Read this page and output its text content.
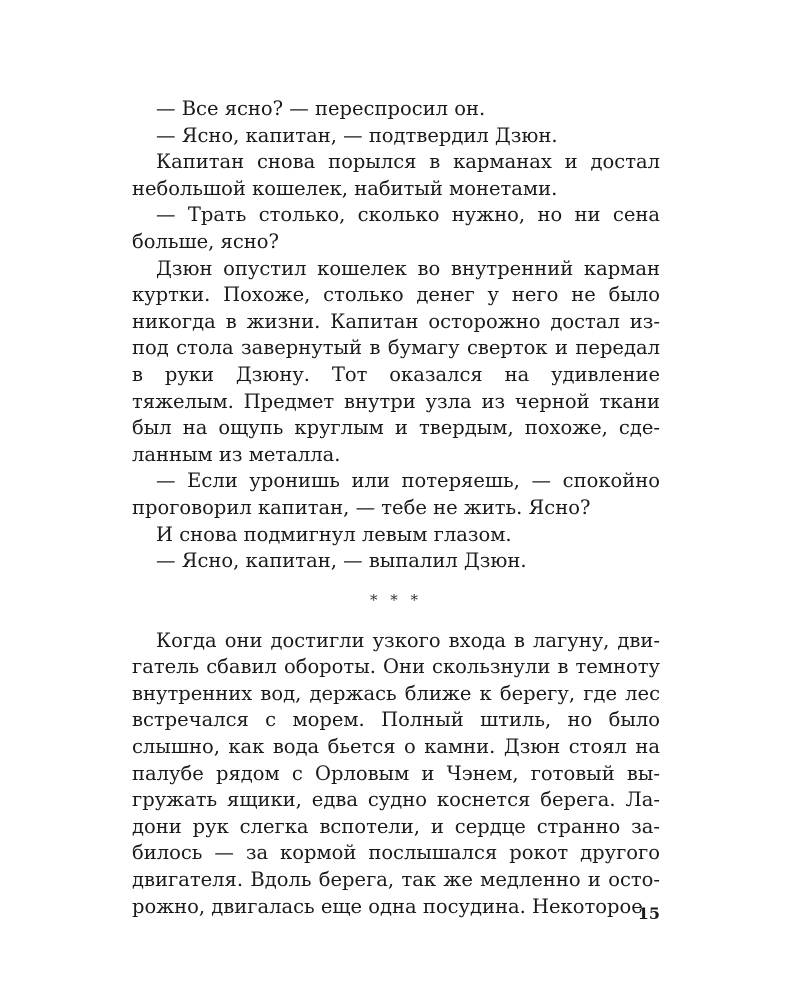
— Все ясно? — переспросил он.

— Ясно, капитан, — подтвердил Дзюн.

Капитан снова порылся в карманах и достал небольшой кошелек, набитый монетами.

— Трать столько, сколько нужно, но ни сена больше, ясно?

Дзюн опустил кошелек во внутренний карман куртки. Похоже, столько денег у него не было никогда в жизни. Капитан осторожно достал из-под стола завернутый в бумагу сверток и передал в руки Дзюну. Тот оказался на удивление тяжелым. Предмет внутри узла из черной ткани был на ощупь круглым и твердым, похоже, сделанным из металла.

— Если уронишь или потеряешь, — спокойно проговорил капитан, — тебе не жить. Ясно?

И снова подмигнул левым глазом.

— Ясно, капитан, — выпалил Дзюн.

* * *

Когда они достигли узкого входа в лагуну, двигатель сбавил обороты. Они скользнули в темноту внутренних вод, держась ближе к берегу, где лес встречался с морем. Полный штиль, но было слышно, как вода бьется о камни. Дзюн стоял на палубе рядом с Орловым и Чэнем, готовый выгружать ящики, едва судно коснется берега. Ладони рук слегка вспотели, и сердце странно забилось — за кормой послышался рокот другого двигателя. Вдоль берега, так же медленно и осторожно, двигалась еще одна посудина. Некоторое

15
